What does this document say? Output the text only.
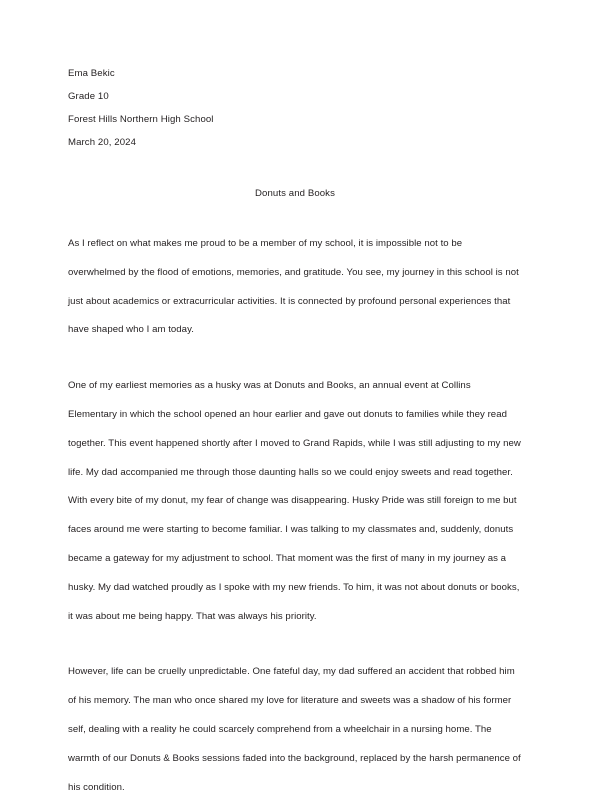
Ema Bekic
Grade 10
Forest Hills Northern High School
March 20, 2024
Donuts and Books

As I reflect on what makes me proud to be a member of my school, it is impossible not to be overwhelmed by the flood of emotions, memories, and gratitude. You see, my journey in this school is not just about academics or extracurricular activities. It is connected by profound personal experiences that have shaped who I am today.

One of my earliest memories as a husky was at Donuts and Books, an annual event at Collins Elementary in which the school opened an hour earlier and gave out donuts to families while they read together. This event happened shortly after I moved to Grand Rapids, while I was still adjusting to my new life. My dad accompanied me through those daunting halls so we could enjoy sweets and read together. With every bite of my donut, my fear of change was disappearing. Husky Pride was still foreign to me but faces around me were starting to become familiar. I was talking to my classmates and, suddenly, donuts became a gateway for my adjustment to school. That moment was the first of many in my journey as a husky. My dad watched proudly as I spoke with my new friends. To him, it was not about donuts or books, it was about me being happy. That was always his priority.

However, life can be cruelly unpredictable. One fateful day, my dad suffered an accident that robbed him of his memory. The man who once shared my love for literature and sweets was a shadow of his former self, dealing with a reality he could scarcely comprehend from a wheelchair in a nursing home. The warmth of our Donuts & Books sessions faded into the background, replaced by the harsh permanence of his condition.
